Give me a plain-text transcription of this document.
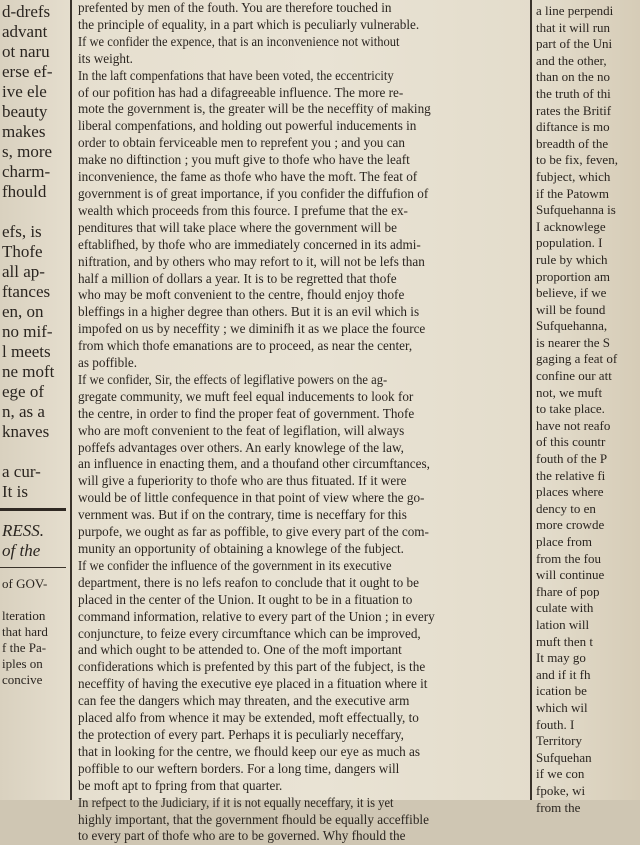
d-drefs
advant
ot naru
erse ef-
ive ele
beauty
makes
s, more
charm-
fhould

efs, is
Thofe
all ap-
ftances
en, on
no mif-
l meets
ne moft
ege of
n, as a
knaves

a cur-
It is
RESS.
of the
of GOV-

lteration
that hard
f the Pa-
iples on
concive
prefented by men of the fouth. You are therefore touched in
the principle of equality, in a part which is peculiarly vulnerable.
If we confider the expence, that is an inconvenience not without
its weight.
In the laft compenfations that have been voted, the eccentricity
of our pofition has had a difagreeable influence. The more re-
mote the government is, the greater will be the neceffity of making
liberal compenfations, and holding out powerful inducements in
order to obtain ferviceable men to reprefent you ; and you can
make no diftinction ; you muft give to thofe who have the leaft
inconvenience, the fame as thofe who have the moft. The feat of
government is of great importance, if you confider the diffufion of
wealth which proceeds from this fource. I prefume that the ex-
penditures that will take place where the government will be
eftablifhed, by thofe who are immediately concerned in its admi-
niftration, and by others who may refort to it, will not be lefs than
half a million of dollars a year. It is to be regretted that thofe
who may be moft convenient to the centre, fhould enjoy thofe
bleffings in a higher degree than others. But it is an evil which is
impofed on us by neceffity ; we diminifh it as we place the fource
from which thofe emanations are to proceed, as near the center,
as poffible.
If we confider, Sir, the effects of legiflative powers on the ag-
gregate community, we muft feel equal inducements to look for
the centre, in order to find the proper feat of government. Thofe
who are moft convenient to the feat of legiflation, will always
poffefs advantages over others. An early knowlege of the law,
an influence in enacting them, and a thoufand other circumftances,
will give a fuperiority to thofe who are thus fituated. If it were
would be of little confequence in that point of view where the go-
vernment was. But if on the contrary, time is neceffary for this
purpofe, we ought as far as poffible, to give every part of the com-
munity an opportunity of obtaining a knowlege of the fubject.
If we confider the influence of the government in its executive
department, there is no lefs reafon to conclude that it ought to be
placed in the center of the Union. It ought to be in a fituation to
command information, relative to every part of the Union ; in every
conjuncture, to feize every circumftance which can be improved,
and which ought to be attended to. One of the moft important
confiderations which is prefented by this part of the fubject, is the
neceffity of having the executive eye placed in a fituation where it
can fee the dangers which may threaten, and the executive arm
placed alfo from whence it may be extended, moft effectually, to
the protection of every part. Perhaps it is peculiarly neceffary,
that in looking for the centre, we fhould keep our eye as much as
poffible to our weftern borders. For a long time, dangers will
be moft apt to fpring from that quarter.
In refpect to the Judiciary, if it is not equally neceffary, it is yet
highly important, that the government fhould be equally acceffible
to every part of thofe who are to be governed. Why fhould the
a line perpendi
that it will run
part of the Uni
and the other,
than on the no
the truth of thi
rates the Britif
diftance is mo
breadth of the
to be fix, feven,
fubject, which
if the Patowm
Sufquehanna is
I acknowlege
population. I
rule by which
proportion am
believe, if we
will be found
Sufquehanna,
is nearer the S
gaging a feat of
confine our att
not, we muft
to take place.
have not reafo
of this countr
fouth of the P
the relative fi
places where
dency to en
more crowde
place from
from the fou
will continue
fhare of pop
culate with
lation will
muft then t
It may go
and if it fh
ication be
which wil
fouth. I
Territory
Sufquehan
if we con
fpoke, wi
from the
